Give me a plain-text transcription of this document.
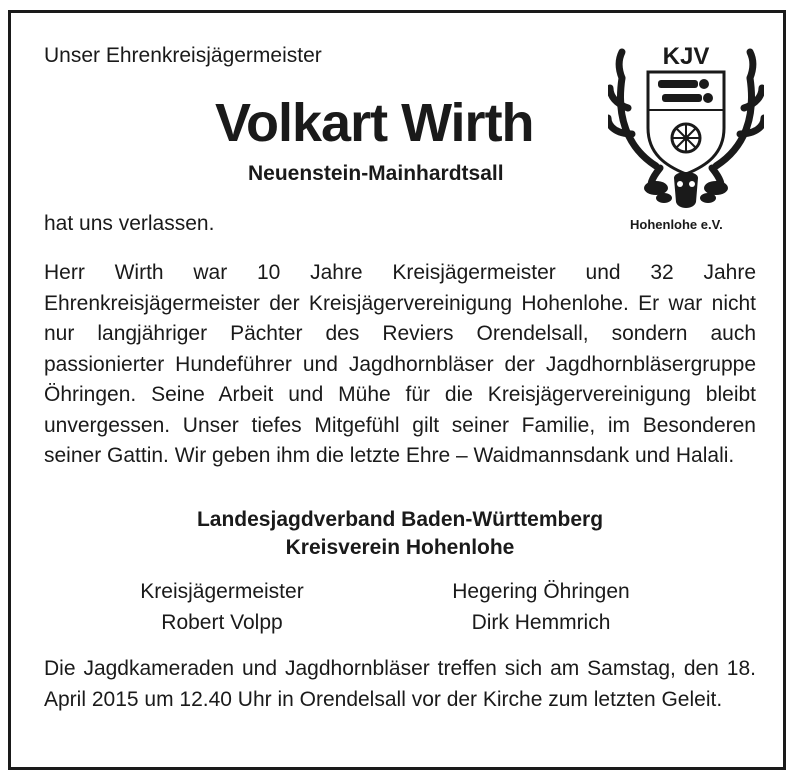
Unser Ehrenkreisjägermeister
Volkart Wirth
Neuenstein-Mainhardtsall
hat uns verlassen.
KJV
Hohenlohe e.V.
Herr Wirth war 10 Jahre Kreisjägermeister und 32 Jahre Ehrenkreisjägermeister der Kreisjägervereinigung Hohenlohe. Er war nicht nur langjähriger Pächter des Reviers Orendelsall, sondern auch passionierter Hundeführer und Jagdhornbläser der Jagdhornbläsergruppe Öhringen. Seine Arbeit und Mühe für die Kreisjägervereinigung bleibt unvergessen. Unser tiefes Mitgefühl gilt seiner Familie, im Besonderen seiner Gattin. Wir geben ihm die letzte Ehre – Waidmannsdank und Halali.
Landesjagdverband Baden-Württemberg
Kreisverein Hohenlohe
Kreisjägermeister
Robert Volpp
Hegering Öhringen
Dirk Hemmrich
Die Jagdkameraden und Jagdhornbläser treffen sich am Samstag, den 18. April 2015 um 12.40 Uhr in Orendelsall vor der Kirche zum letzten Geleit.
